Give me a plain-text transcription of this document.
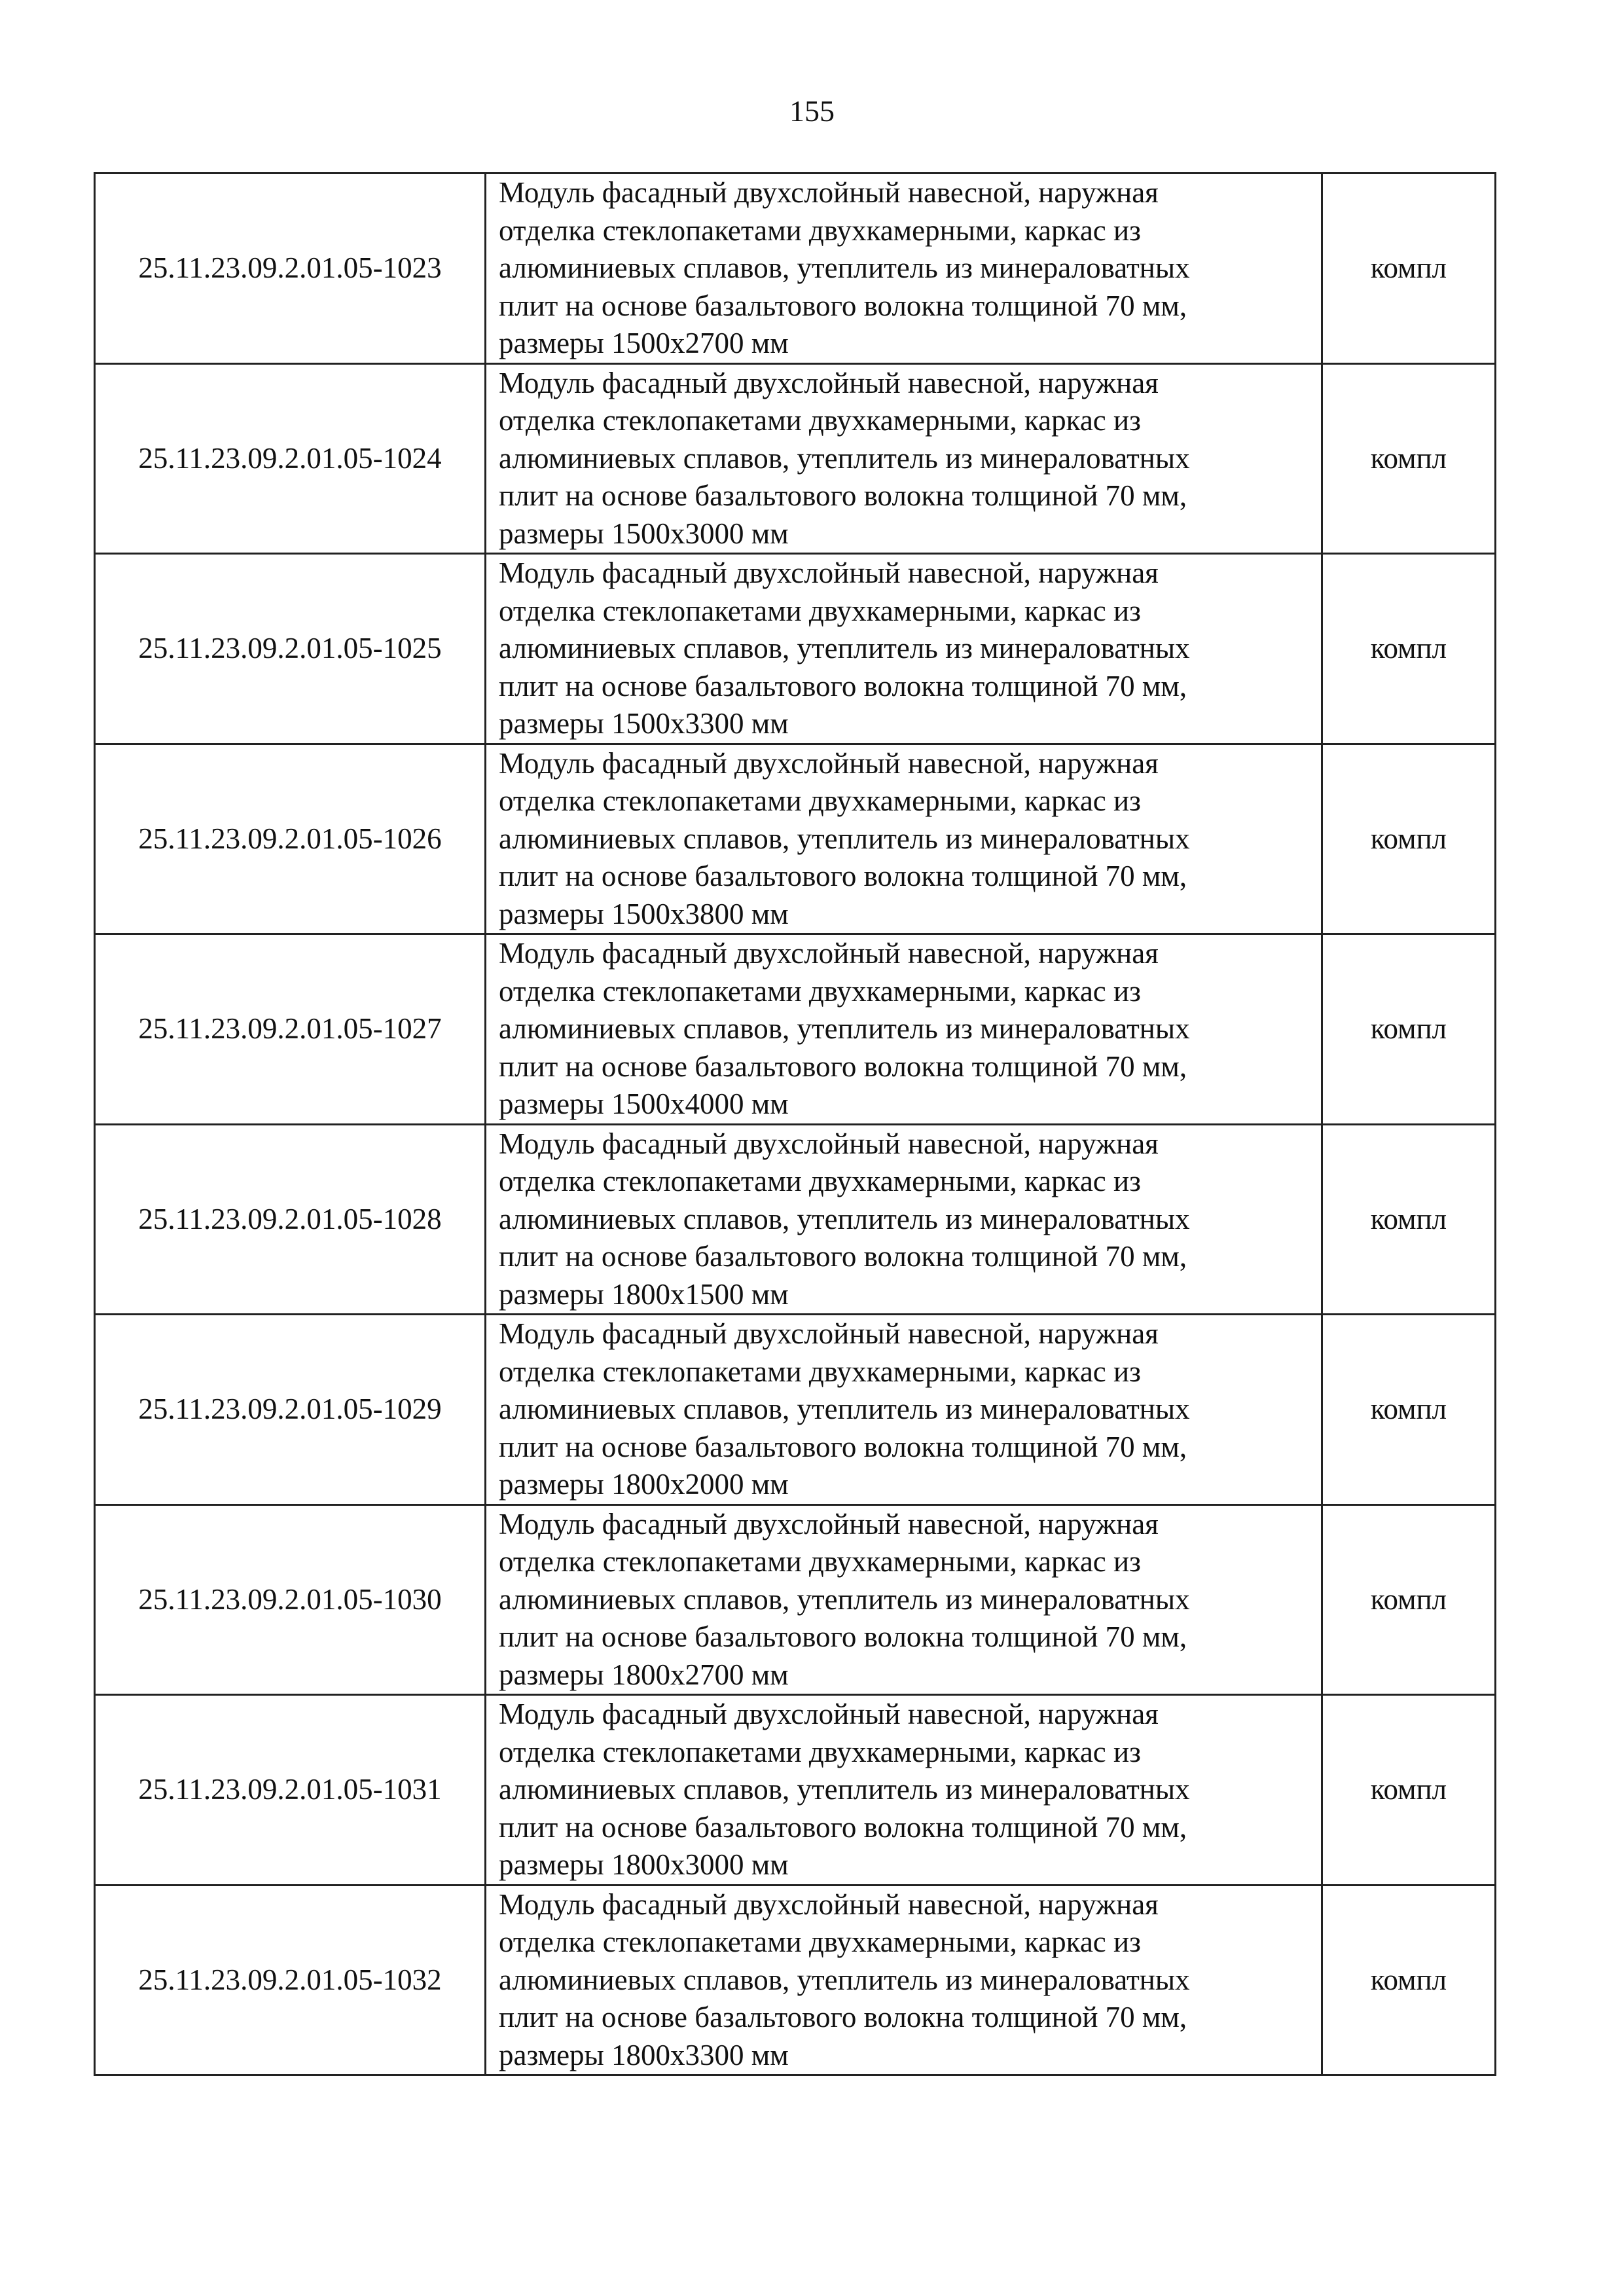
155
25.11.23.09.2.01.05-1023	Модуль фасадный двухслойный навесной, наружная
отделка стеклопакетами двухкамерными, каркас из
алюминиевых сплавов, утеплитель из минераловатных
плит на основе базальтового волокна толщиной 70 мм,
размеры 1500х2700 мм	компл
25.11.23.09.2.01.05-1024	Модуль фасадный двухслойный навесной, наружная
отделка стеклопакетами двухкамерными, каркас из
алюминиевых сплавов, утеплитель из минераловатных
плит на основе базальтового волокна толщиной 70 мм,
размеры 1500х3000 мм	компл
25.11.23.09.2.01.05-1025	Модуль фасадный двухслойный навесной, наружная
отделка стеклопакетами двухкамерными, каркас из
алюминиевых сплавов, утеплитель из минераловатных
плит на основе базальтового волокна толщиной 70 мм,
размеры 1500х3300 мм	компл
25.11.23.09.2.01.05-1026	Модуль фасадный двухслойный навесной, наружная
отделка стеклопакетами двухкамерными, каркас из
алюминиевых сплавов, утеплитель из минераловатных
плит на основе базальтового волокна толщиной 70 мм,
размеры 1500х3800 мм	компл
25.11.23.09.2.01.05-1027	Модуль фасадный двухслойный навесной, наружная
отделка стеклопакетами двухкамерными, каркас из
алюминиевых сплавов, утеплитель из минераловатных
плит на основе базальтового волокна толщиной 70 мм,
размеры 1500х4000 мм	компл
25.11.23.09.2.01.05-1028	Модуль фасадный двухслойный навесной, наружная
отделка стеклопакетами двухкамерными, каркас из
алюминиевых сплавов, утеплитель из минераловатных
плит на основе базальтового волокна толщиной 70 мм,
размеры 1800х1500 мм	компл
25.11.23.09.2.01.05-1029	Модуль фасадный двухслойный навесной, наружная
отделка стеклопакетами двухкамерными, каркас из
алюминиевых сплавов, утеплитель из минераловатных
плит на основе базальтового волокна толщиной 70 мм,
размеры 1800х2000 мм	компл
25.11.23.09.2.01.05-1030	Модуль фасадный двухслойный навесной, наружная
отделка стеклопакетами двухкамерными, каркас из
алюминиевых сплавов, утеплитель из минераловатных
плит на основе базальтового волокна толщиной 70 мм,
размеры 1800х2700 мм	компл
25.11.23.09.2.01.05-1031	Модуль фасадный двухслойный навесной, наружная
отделка стеклопакетами двухкамерными, каркас из
алюминиевых сплавов, утеплитель из минераловатных
плит на основе базальтового волокна толщиной 70 мм,
размеры 1800х3000 мм	компл
25.11.23.09.2.01.05-1032	Модуль фасадный двухслойный навесной, наружная
отделка стеклопакетами двухкамерными, каркас из
алюминиевых сплавов, утеплитель из минераловатных
плит на основе базальтового волокна толщиной 70 мм,
размеры 1800х3300 мм	компл
